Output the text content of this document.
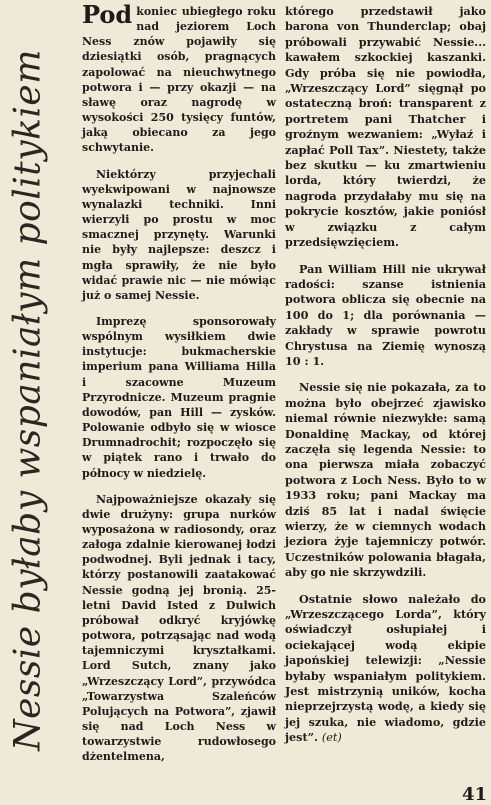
Nessie byłaby wspaniałym politykiem

Pod koniec ubiegłego roku nad jeziorem Loch Ness znów pojawiły się dziesiątki osób, pragnących zapolować na nieuchwytnego potwora i — przy okazji — na sławę oraz nagrodę w wysokości 250 tysięcy funtów, jaką obiecano za jego schwytanie.

Niektórzy przyjechali wyekwipowani w najnowsze wynalazki techniki. Inni wierzyli po prostu w moc smacznej przynęty. Warunki nie były najlepsze: deszcz i mgła sprawiły, że nie było widać prawie nic — nie mówiąc już o samej Nessie.

Imprezę sponsorowały wspólnym wysiłkiem dwie instytucje: bukmacherskie imperium pana Williama Hilla i szacowne Muzeum Przyrodnicze. Muzeum pragnie dowodów, pan Hill — zysków. Polowanie odbyło się w wiosce Drumnadrochit; rozpoczęło się w piątek rano i trwało do północy w niedzielę.

Najpoważniejsze okazały się dwie drużyny: grupa nurków wyposażona w radiosondy, oraz załoga zdalnie kierowanej łodzi podwodnej. Byli jednak i tacy, którzy postanowili zaatakować Nessie godną jej bronią. 25-letni David Isted z Dulwich próbował odkryć kryjówkę potwora, potrząsając nad wodą tajemniczymi kryształkami. Lord Sutch, znany jako „Wrzeszczący Lord”, przywódca „Towarzystwa Szaleńców Polujących na Potwora”, zjawił się nad Loch Ness w towarzystwie rudowłosego dżentelmena,

którego przedstawił jako barona von Thunderclap; obaj próbowali przywabić Nessie... kawałem szkockiej kaszanki. Gdy próba się nie powiodła, „Wrzeszczący Lord” sięgnął po ostateczną broń: transparent z portretem pani Thatcher i groźnym wezwaniem: „Wyłaź i zapłać Poll Tax”. Niestety, także bez skutku — ku zmartwieniu lorda, który twierdzi, że nagroda przydałaby mu się na pokrycie kosztów, jakie poniósł w związku z całym przedsięwzięciem.

Pan William Hill nie ukrywał radości: szanse istnienia potwora obliczа się obecnie na 100 do 1; dla porównania — zakłady w sprawie powrotu Chrystusa na Ziemię wynoszą 10 : 1.

Nessie się nie pokazała, za to można było obejrzeć zjawisko niemal równie niezwykłe: samą Donaldinę Mackay, od której zaczęła się legenda Nessie: to ona pierwsza miała zobaczyć potwora z Loch Ness. Było to w 1933 roku; pani Mackay ma dziś 85 lat i nadal święcie wierzy, że w ciemnych wodach jeziora żyje tajemniczy potwór. Uczestników polowania błagała, aby go nie skrzywdzili.

Ostatnie słowo należało do „Wrzeszczącego Lorda”, który oświadczył osłupiałej i ociekającej wodą ekipie japońskiej telewizji: „Nessie byłaby wspaniałym politykiem. Jest mistrzynią uników, kocha nieprzejrzystą wodę, a kiedy się jej szuka, nie wiadomo, gdzie jest”. (et)

41
